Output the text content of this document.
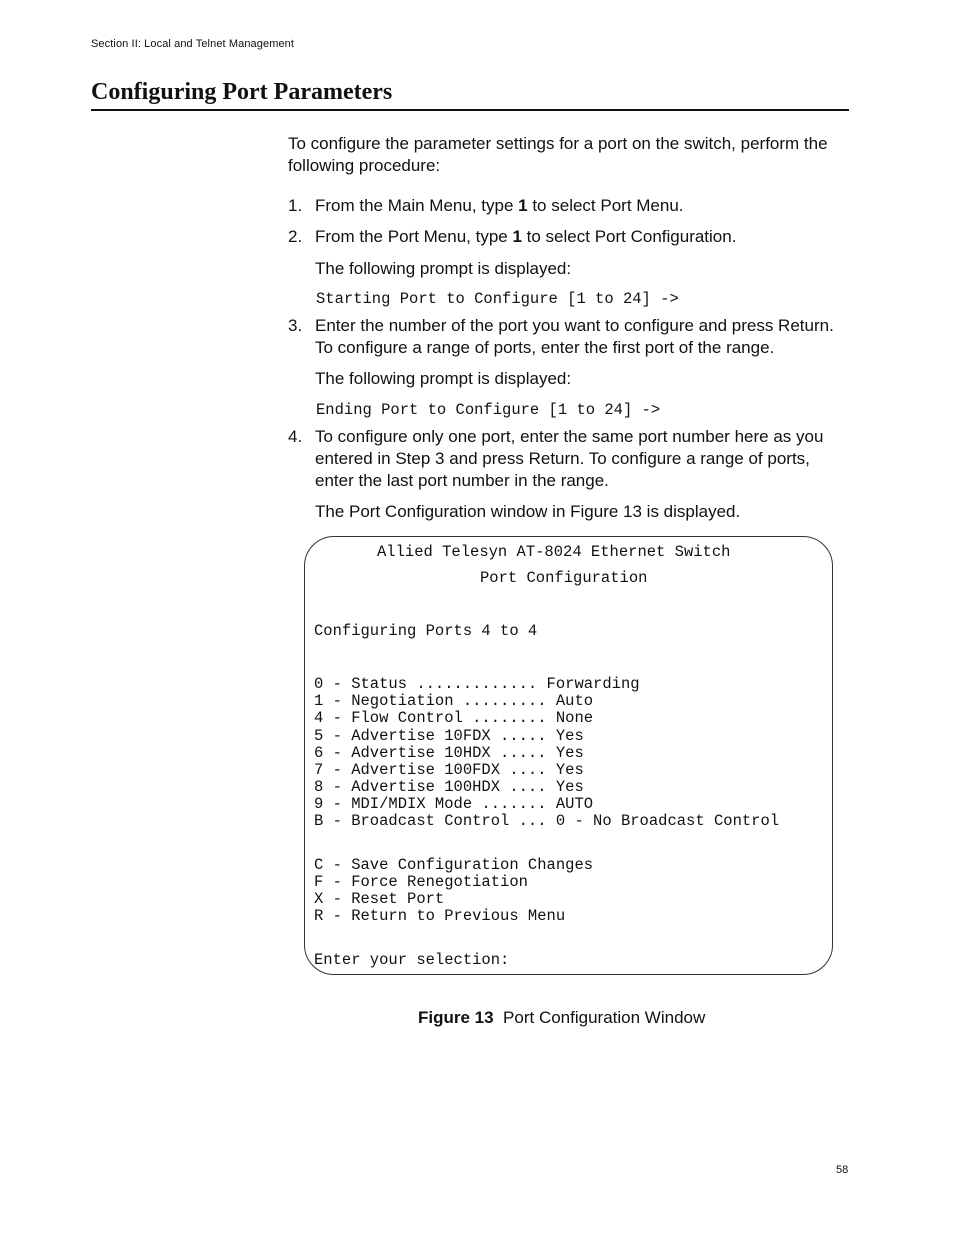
Section II: Local and Telnet Management
Configuring Port Parameters
To configure the parameter settings for a port on the switch, perform the following procedure:
1. From the Main Menu, type 1 to select Port Menu.
2. From the Port Menu, type 1 to select Port Configuration.
The following prompt is displayed:
Starting Port to Configure [1 to 24] ->
3. Enter the number of the port you want to configure and press Return. To configure a range of ports, enter the first port of the range.
The following prompt is displayed:
Ending Port to Configure [1 to 24] ->
4. To configure only one port, enter the same port number here as you entered in Step 3 and press Return. To configure a range of ports, enter the last port number in the range.
The Port Configuration window in Figure 13 is displayed.
Allied Telesyn AT-8024 Ethernet Switch
Port Configuration
Configuring Ports 4 to 4
0 - Status ............. Forwarding
1 - Negotiation ......... Auto
4 - Flow Control ........ None
5 - Advertise 10FDX ..... Yes
6 - Advertise 10HDX ..... Yes
7 - Advertise 100FDX .... Yes
8 - Advertise 100HDX .... Yes
9 - MDI/MDIX Mode ....... AUTO
B - Broadcast Control ... 0 - No Broadcast Control
C - Save Configuration Changes
F - Force Renegotiation
X - Reset Port
R - Return to Previous Menu
Enter your selection:
Figure 13 Port Configuration Window
58
